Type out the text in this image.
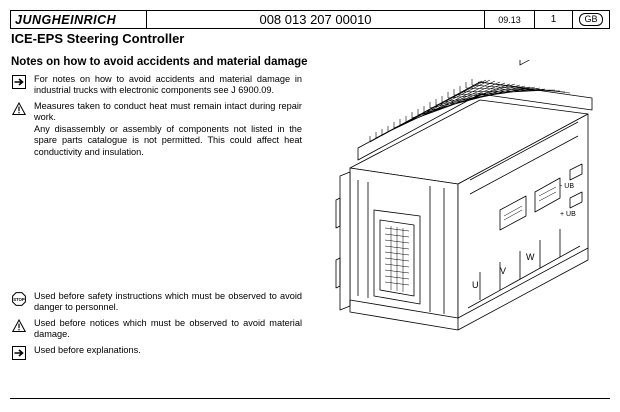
JUNGHEINRICH	008 013 207 00010	09.13	1	GB
ICE-EPS Steering Controller
Notes on how to avoid accidents and material damage
For notes on how to avoid accidents and material damage in industrial trucks with electronic components see J 6900.09.

Measures taken to conduct heat must remain intact during repair work.

Any disassembly or assembly of components not listed in the spare parts catalogue is not permitted. This could affect heat conductivity and insulation.

STOP Used before safety instructions which must be observed to avoid danger to personnel.
Used before notices which must be observed to avoid material damage.
Used before explanations.
U
V
W
- UB
+ UB
